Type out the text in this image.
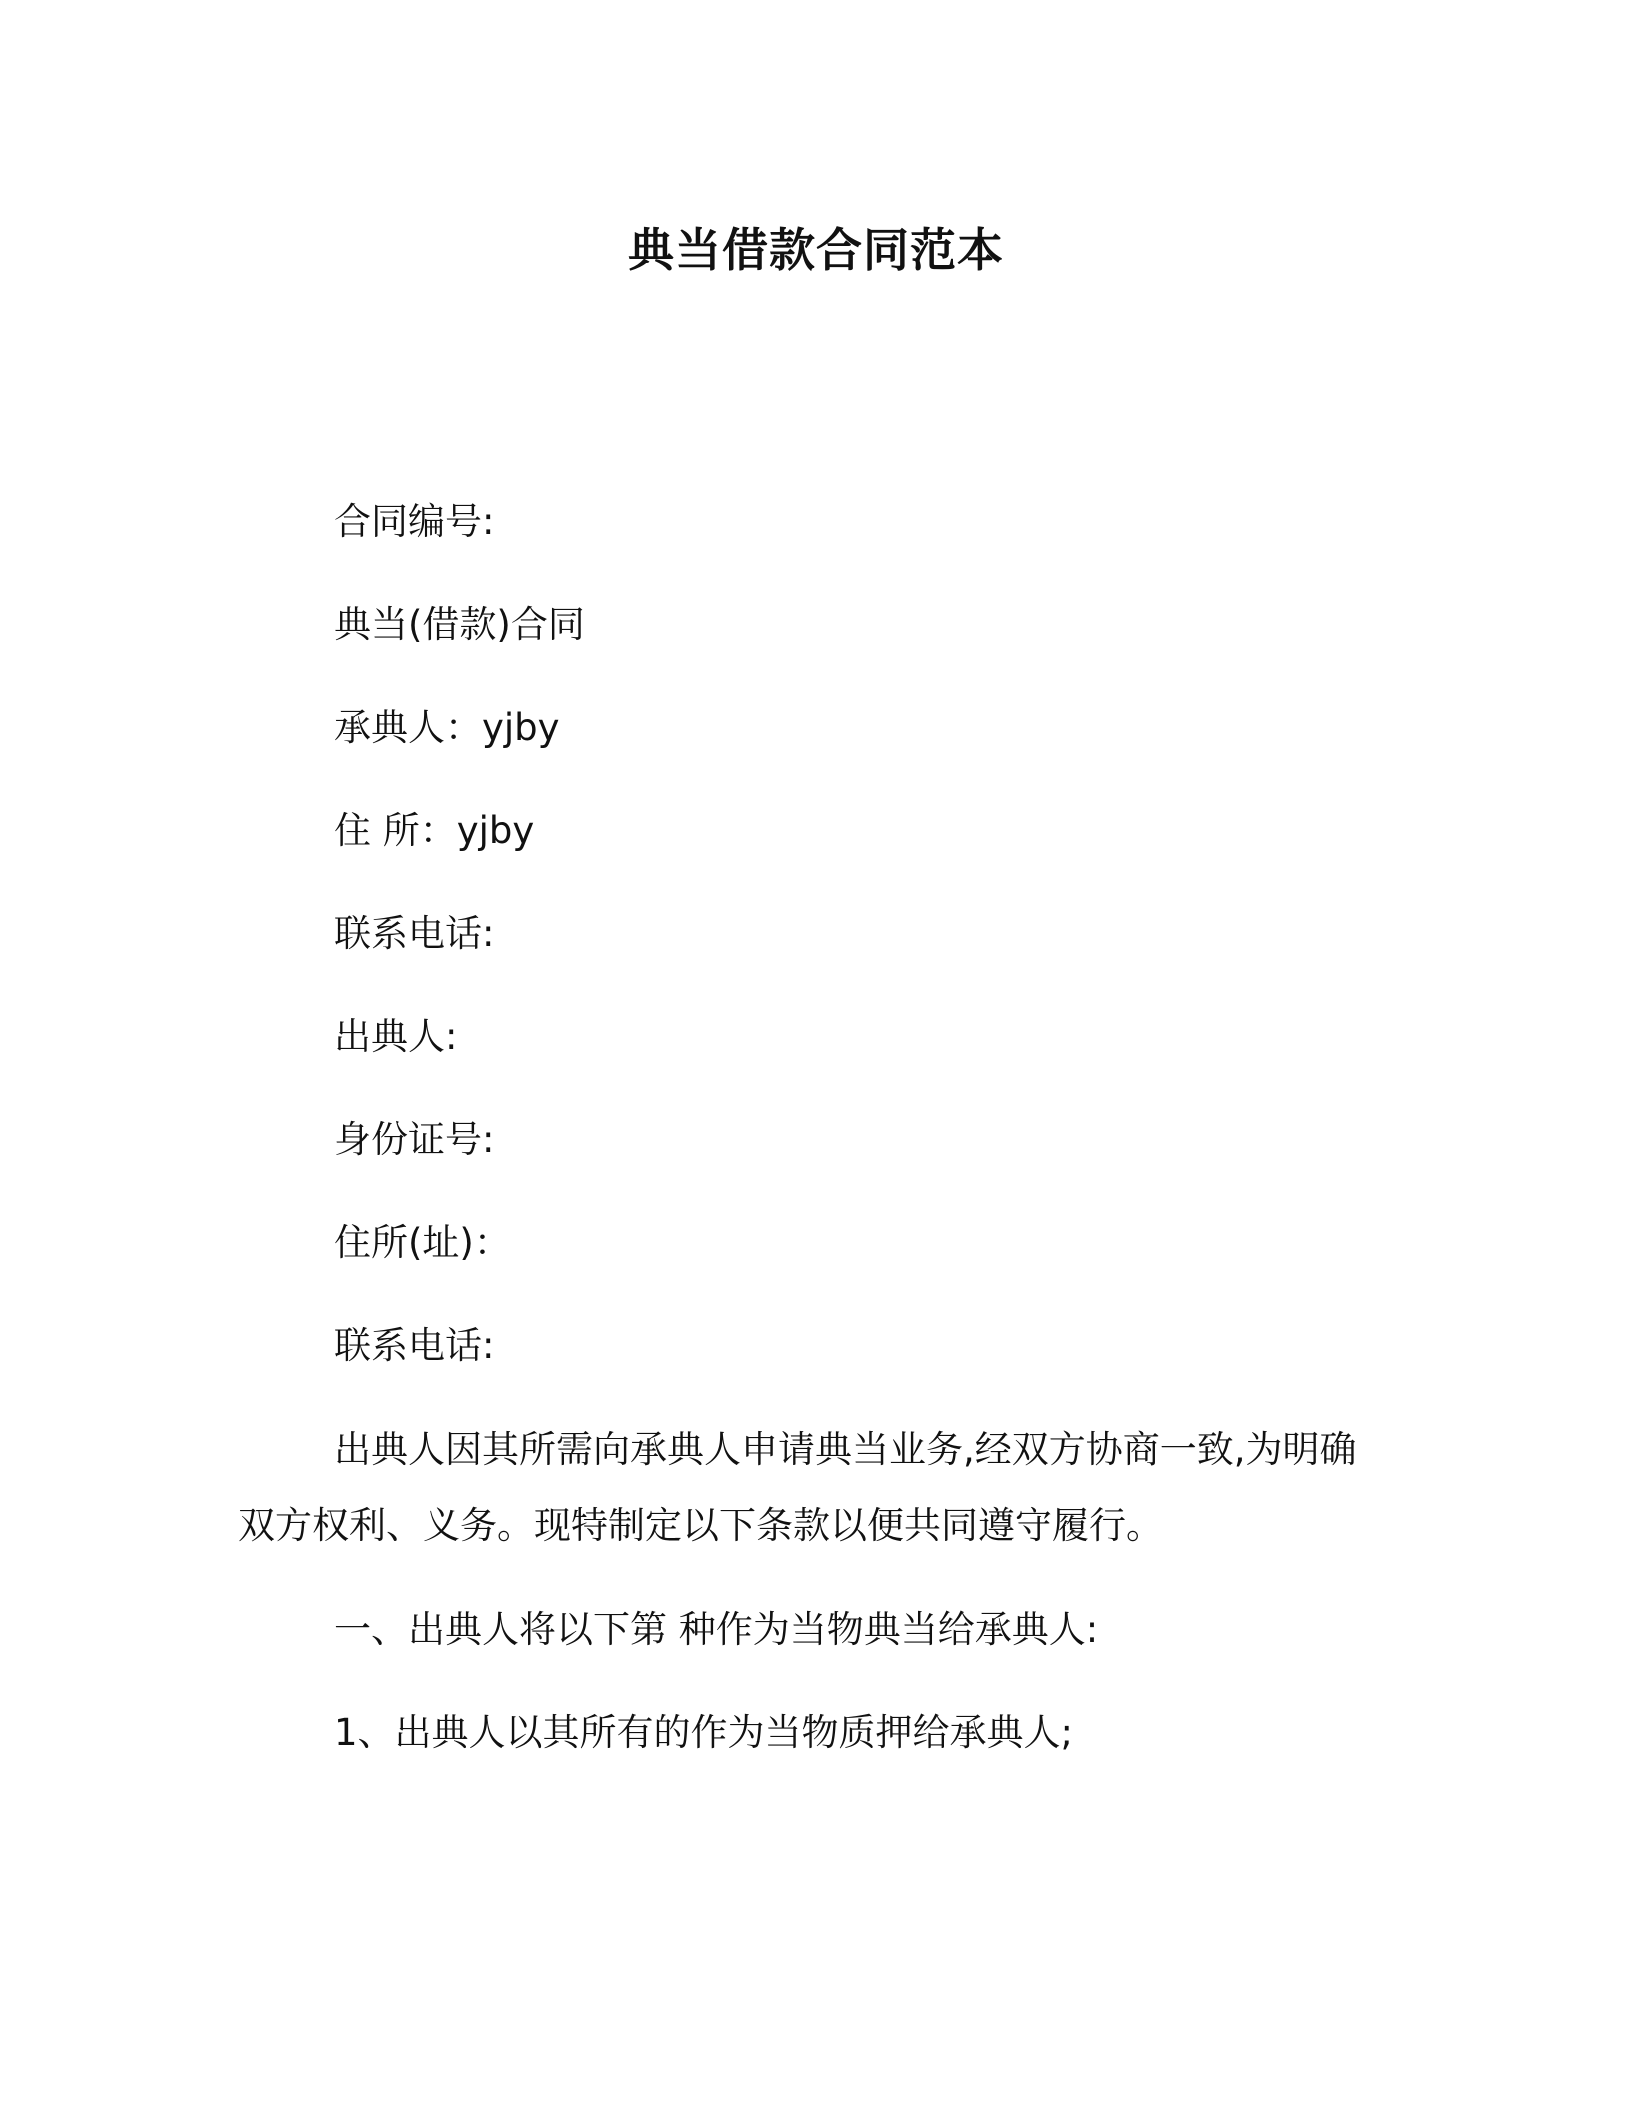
典当借款合同范本
合同编号:
典当(借款)合同
承典人：yjby
住 所：yjby
联系电话:
出典人:
身份证号:
住所(址)：
联系电话:
出典人因其所需向承典人申请典当业务,经双方协商一致,为明确双方权利、义务。现特制定以下条款以便共同遵守履行。
一、出典人将以下第 种作为当物典当给承典人:
1、出典人以其所有的作为当物质押给承典人;
